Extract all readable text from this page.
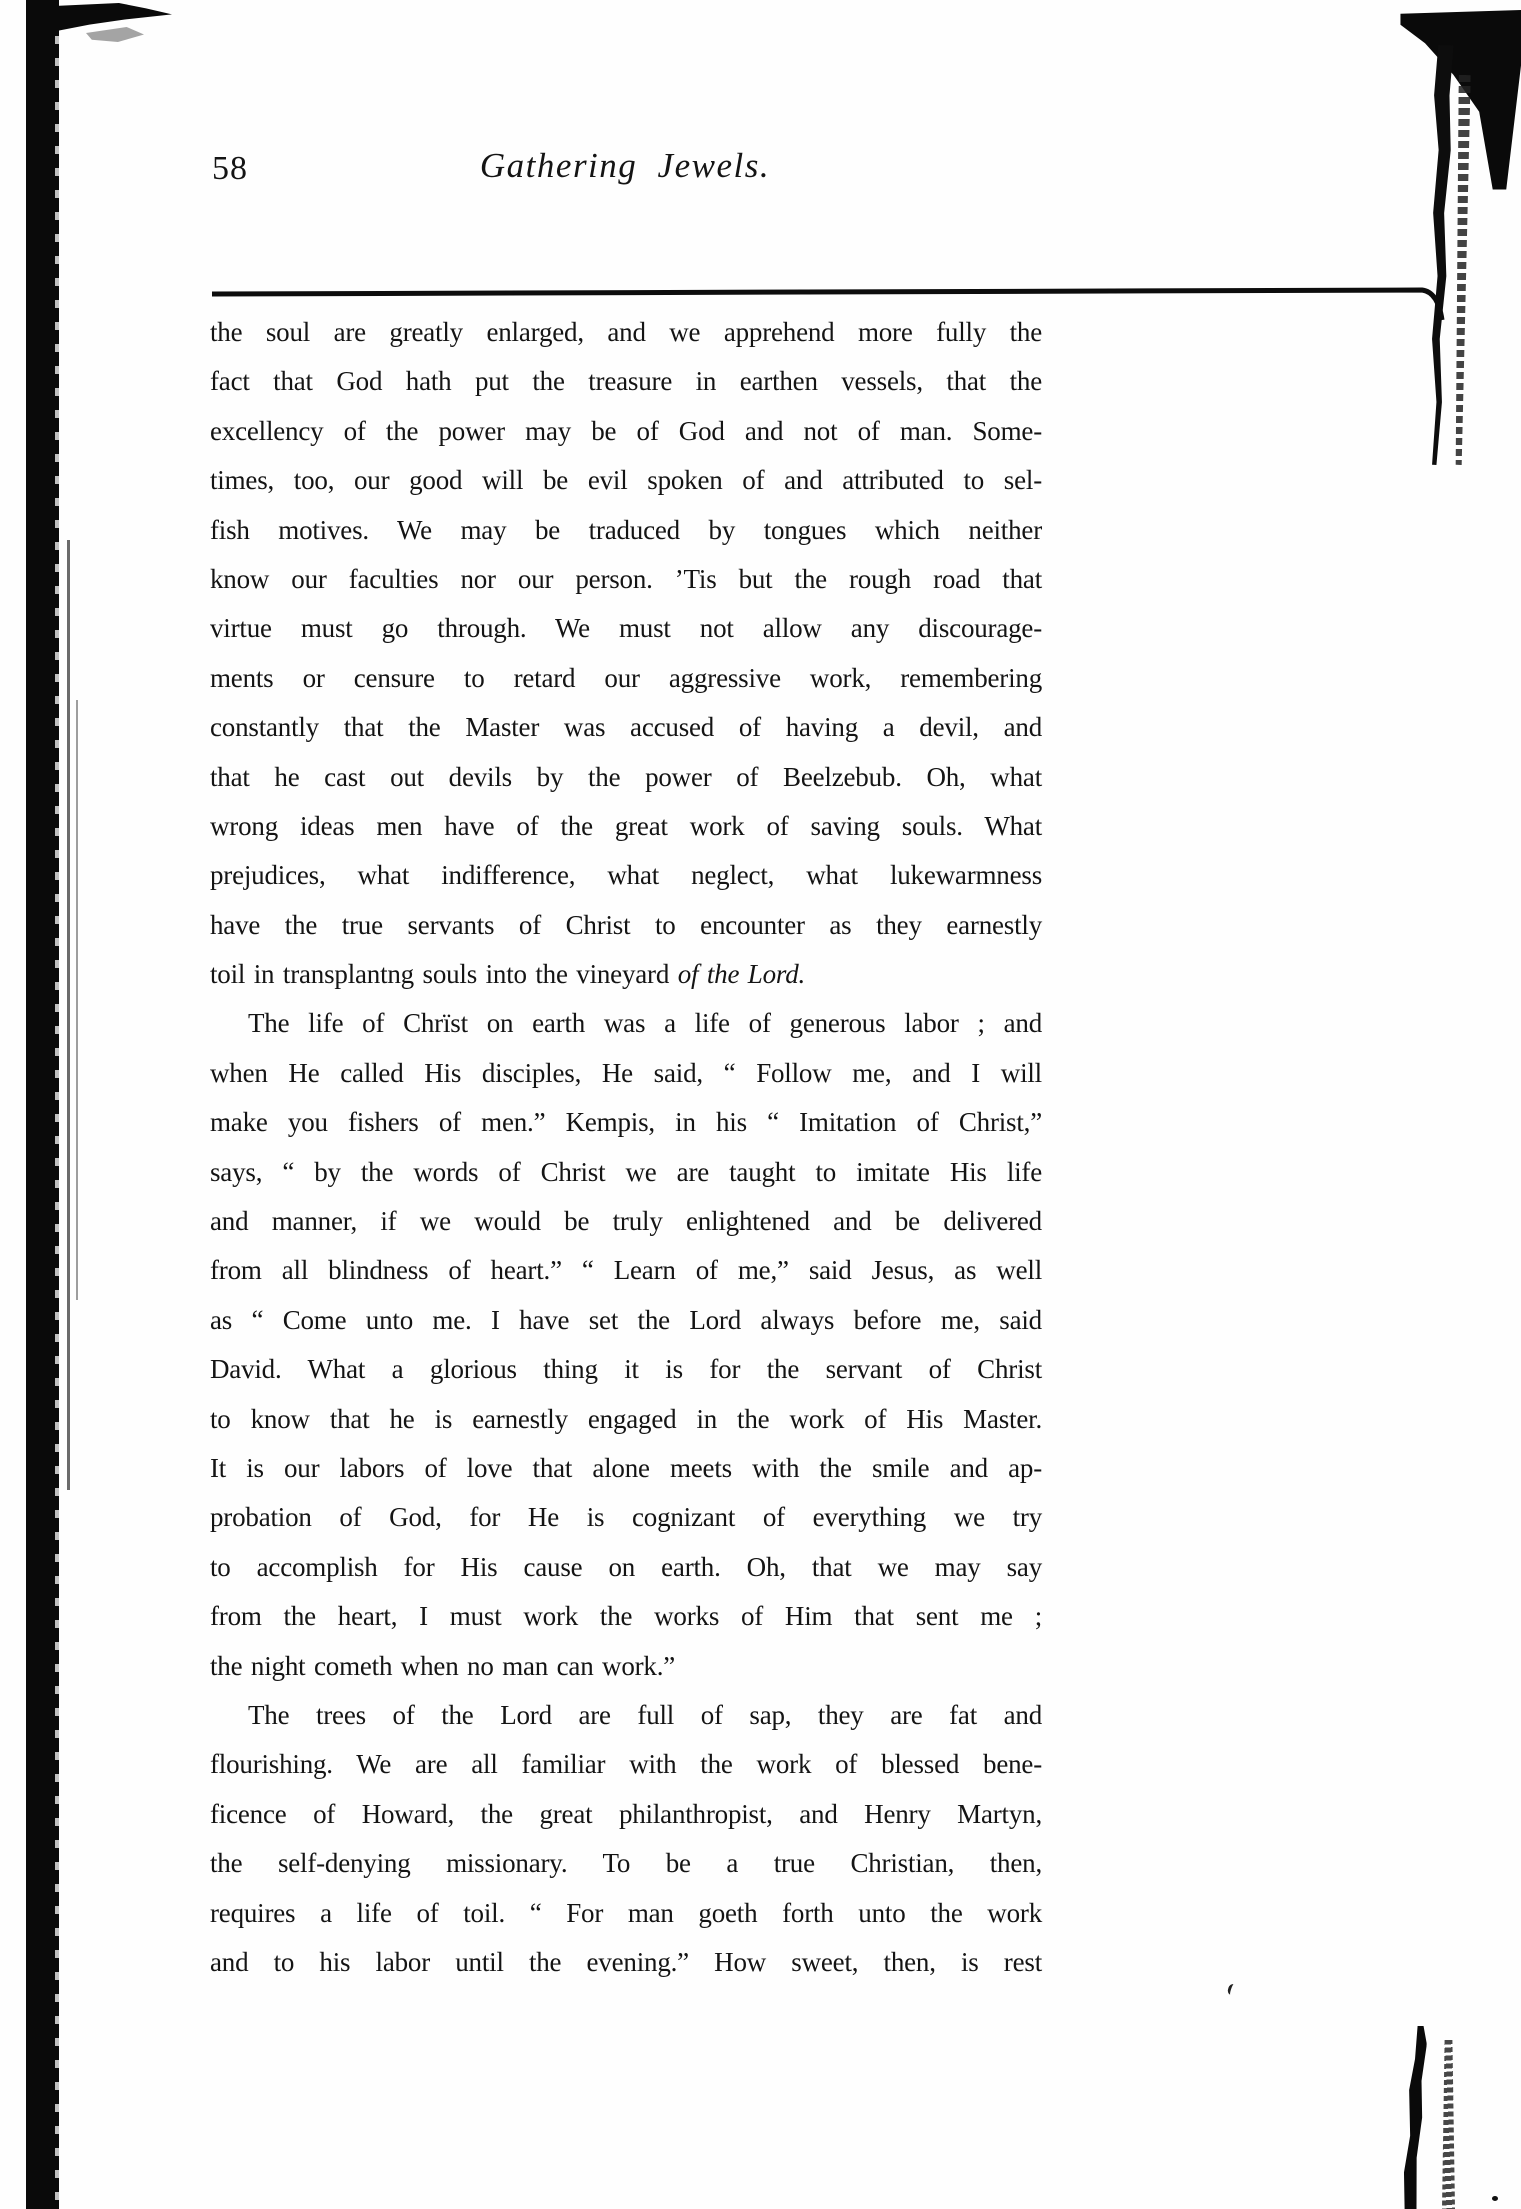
58	Gathering Jewels.
the soul are greatly enlarged, and we apprehend more fully the
fact that God hath put the treasure in earthen vessels, that the
excellency of the power may be of God and not of man. Some-
times, too, our good will be evil spoken of and attributed to sel-
fish motives. We may be traduced by tongues which neither
know our faculties nor our person. ’Tis but the rough road that
virtue must go through. We must not allow any discourage-
ments or censure to retard our aggressive work, remembering
constantly that the Master was accused of having a devil, and
that he cast out devils by the power of Beelzebub. Oh, what
wrong ideas men have of the great work of saving souls. What
prejudices, what indifference, what neglect, what lukewarmness
have the true servants of Christ to encounter as they earnestly
toil in transplantng souls into the vineyard of the Lord.
The life of Chrïst on earth was a life of generous labor ; and
when He called His disciples, He said, “ Follow me, and I will
make you fishers of men.” Kempis, in his “ Imitation of Christ,”
says, “ by the words of Christ we are taught to imitate His life
and manner, if we would be truly enlightened and be delivered
from all blindness of heart.” “ Learn of me,” said Jesus, as well
as “ Come unto me. I have set the Lord always before me, said
David. What a glorious thing it is for the servant of Christ
to know that he is earnestly engaged in the work of His Master.
It is our labors of love that alone meets with the smile and ap-
probation of God, for He is cognizant of everything we try
to accomplish for His cause on earth. Oh, that we may say
from the heart, I must work the works of Him that sent me ;
the night cometh when no man can work.”
The trees of the Lord are full of sap, they are fat and
flourishing. We are all familiar with the work of blessed bene-
ficence of Howard, the great philanthropist, and Henry Martyn,
the self-denying missionary. To be a true Christian, then,
requires a life of toil. “ For man goeth forth unto the work
and to his labor until the evening.” How sweet, then, is rest
